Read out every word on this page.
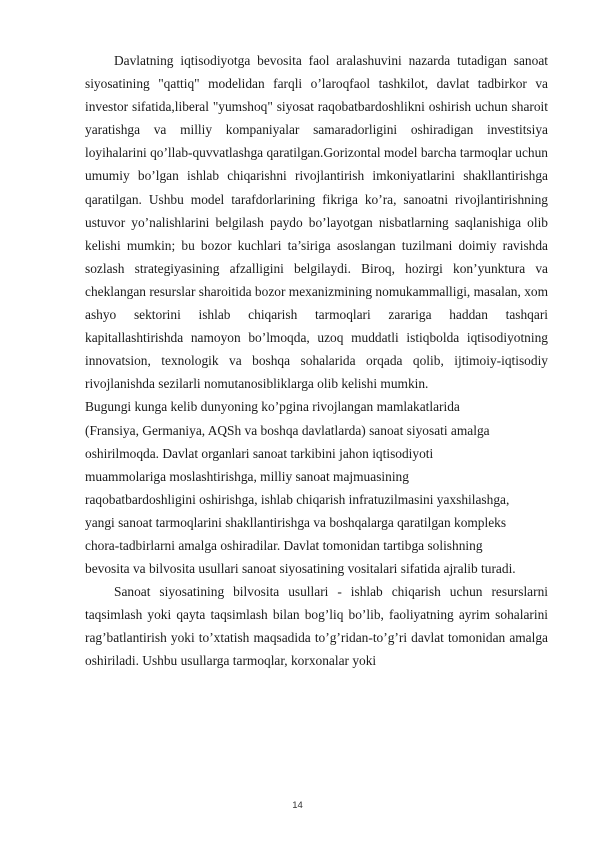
Davlatning iqtisodiyotga bevosita faol aralashuvini nazarda tutadigan sanoat siyosatining "qattiq" modelidan farqli o’laroqfaol tashkilot, davlat tadbirkor va investor sifatida,liberal "yumshoq" siyosat raqobatbardoshlikni oshirish uchun sharoit yaratishga va milliy kompaniyalar samaradorligini oshiradigan investitsiya loyihalarini qo’llab-quvvatlashga qaratilgan.Gorizontal model barcha tarmoqlar uchun umumiy bo’lgan ishlab chiqarishni rivojlantirish imkoniyatlarini shakllantirishga qaratilgan. Ushbu model tarafdorlarining fikriga ko’ra, sanoatni rivojlantirishning ustuvor yo’nalishlarini belgilash paydo bo’layotgan nisbatlarning saqlanishiga olib kelishi mumkin; bu bozor kuchlari ta’siriga asoslangan tuzilmani doimiy ravishda sozlash strategiyasining afzalligini belgilaydi. Biroq, hozirgi kon’yunktura va cheklangan resurslar sharoitida bozor mexanizmining nomukammalligi, masalan, xom ashyo sektorini ishlab chiqarish tarmoqlari zarariga haddan tashqari kapitallashtirishda namoyon bo’lmoqda, uzoq muddatli istiqbolda iqtisodiyotning innovatsion, texnologik va boshqa sohalarida orqada qolib, ijtimoiy-iqtisodiy rivojlanishda sezilarli nomutanosibliklarga olib kelishi mumkin.

Bugungi kunga kelib dunyoning ko’pgina rivojlangan mamlakatlarida
(Fransiya, Germaniya, AQSh va boshqa davlatlarda) sanoat siyosati amalga
oshirilmoqda. Davlat organlari sanoat tarkibini jahon iqtisodiyoti
muammolariga moslashtirishga, milliy sanoat majmuasining
raqobatbardoshligini oshirishga, ishlab chiqarish infratuzilmasini yaxshilashga,
yangi sanoat tarmoqlarini shakllantirishga va boshqalarga qaratilgan kompleks
chora-tadbirlarni amalga oshiradilar. Davlat tomonidan tartibga solishning
bevosita va bilvosita usullari sanoat siyosatining vositalari sifatida ajralib turadi.

Sanoat siyosatining bilvosita usullari - ishlab chiqarish uchun resurslarni taqsimlash yoki qayta taqsimlash bilan bog’liq bo’lib, faoliyatning ayrim sohalarini rag’batlantirish yoki to’xtatish maqsadida to’g’ridan-to’g’ri davlat tomonidan amalga oshiriladi. Ushbu usullarga tarmoqlar, korxonalar yoki

14
